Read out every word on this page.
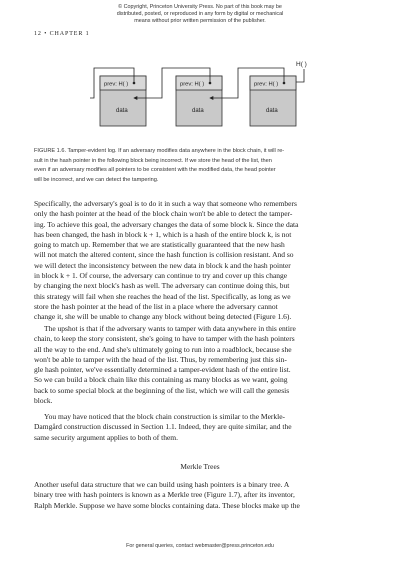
© Copyright, Princeton University Press. No part of this book may be
distributed, posted, or reproduced in any form by digital or mechanical
means without prior written permission of the publisher.
12 • CHAPTER 1
H( )
prev: H( )
data
prev: H( )
data
prev: H( )
data
FIGURE 1.6. Tamper-evident log. If an adversary modifies data anywhere in the block chain, it will re-
sult in the hash pointer in the following block being incorrect. If we store the head of the list, then
even if an adversary modifies all pointers to be consistent with the modified data, the head pointer
will be incorrect, and we can detect the tampering.
Specifically, the adversary's goal is to do it in such a way that someone who remembers
only the hash pointer at the head of the block chain won't be able to detect the tamper-
ing. To achieve this goal, the adversary changes the data of some block k. Since the data
has been changed, the hash in block k + 1, which is a hash of the entire block k, is not
going to match up. Remember that we are statistically guaranteed that the new hash
will not match the altered content, since the hash function is collision resistant. And so
we will detect the inconsistency between the new data in block k and the hash pointer
in block k + 1. Of course, the adversary can continue to try and cover up this change
by changing the next block's hash as well. The adversary can continue doing this, but
this strategy will fail when she reaches the head of the list. Specifically, as long as we
store the hash pointer at the head of the list in a place where the adversary cannot
change it, she will be unable to change any block without being detected (Figure 1.6).
The upshot is that if the adversary wants to tamper with data anywhere in this entire
chain, to keep the story consistent, she's going to have to tamper with the hash pointers
all the way to the end. And she's ultimately going to run into a roadblock, because she
won't be able to tamper with the head of the list. Thus, by remembering just this sin-
gle hash pointer, we've essentially determined a tamper-evident hash of the entire list.
So we can build a block chain like this containing as many blocks as we want, going
back to some special block at the beginning of the list, which we will call the genesis
block.
You may have noticed that the block chain construction is similar to the Merkle-
Damgård construction discussed in Section 1.1. Indeed, they are quite similar, and the
same security argument applies to both of them.
Merkle Trees
Another useful data structure that we can build using hash pointers is a binary tree. A
binary tree with hash pointers is known as a Merkle tree (Figure 1.7), after its inventor,
Ralph Merkle. Suppose we have some blocks containing data. These blocks make up the
For general queries, contact webmaster@press.princeton.edu
